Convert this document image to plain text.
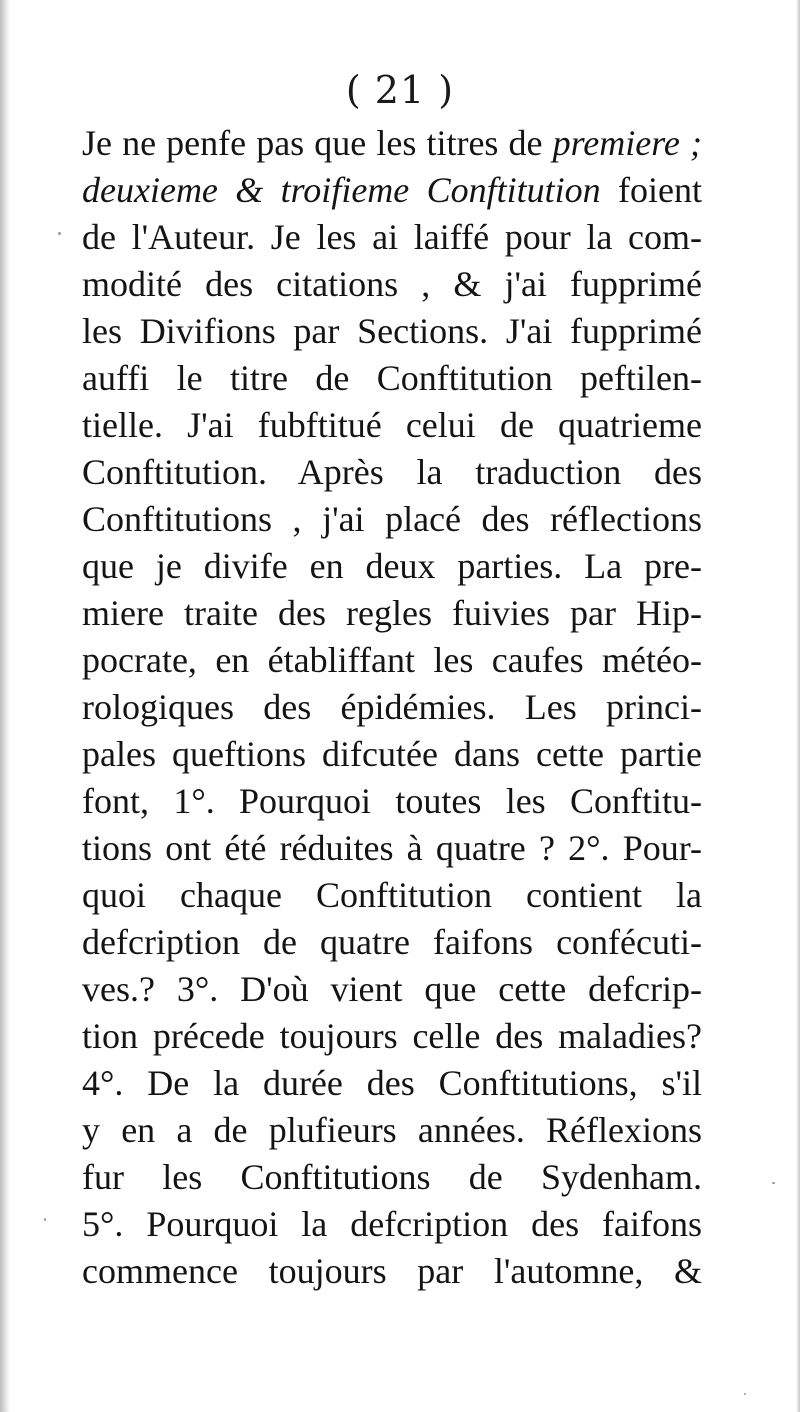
( 21 )
Je ne penfe pas que les titres de premiere ;
deuxieme & troifieme Conftitution foient
de l'Auteur. Je les ai laiffé pour la com-
modité des citations , & j'ai fupprimé
les Divifions par Sections. J'ai fupprimé
auffi le titre de Conftitution peftilen-
tielle. J'ai fubftitué celui de quatrieme
Conftitution. Après la traduction des
Conftitutions , j'ai placé des réflections
que je divife en deux parties. La pre-
miere traite des regles fuivies par Hip-
pocrate, en établiffant les caufes météo-
rologiques des épidémies. Les princi-
pales queftions difcutée dans cette partie
font, 1°. Pourquoi toutes les Conftitu-
tions ont été réduites à quatre ? 2°. Pour-
quoi chaque Conftitution contient la
defcription de quatre faifons confécuti-
ves.? 3°. D'où vient que cette defcrip-
tion précede toujours celle des maladies?
4°. De la durée des Conftitutions, s'il
y en a de plufieurs années. Réflexions
fur les Conftitutions de Sydenham.
5°. Pourquoi la defcription des faifons
commence toujours par l'automne, &
